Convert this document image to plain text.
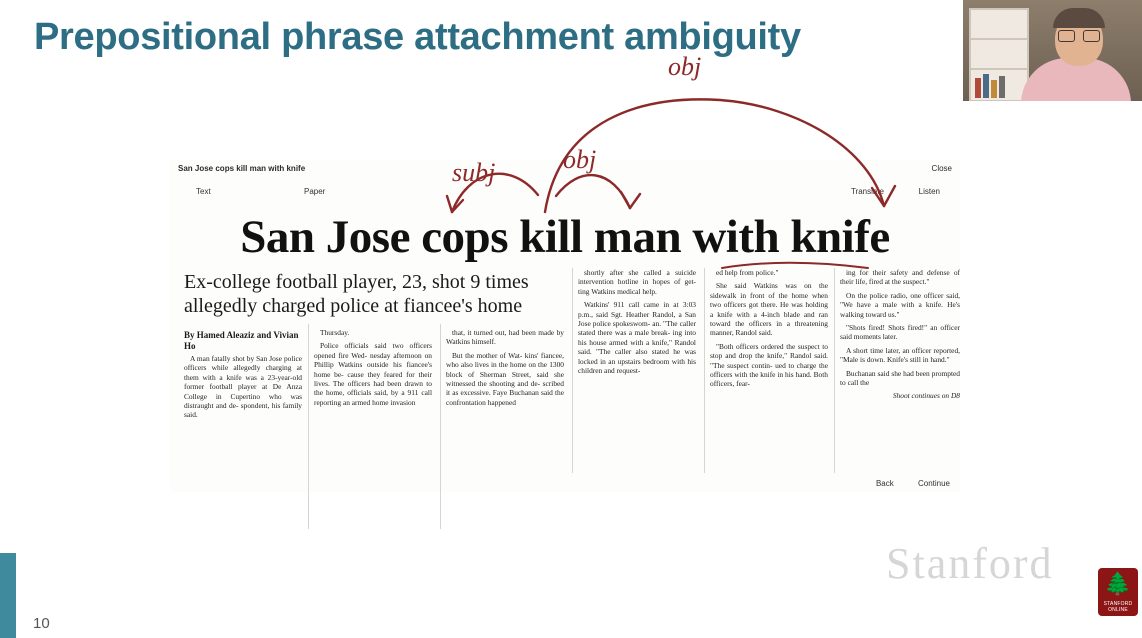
Prepositional phrase attachment ambiguity
10
Stanford 🌲
STANFORD
ONLINE
San Jose cops kill man with knife	Close
Text	Paper	Translate	Listen
San Jose cops kill man with knife
Ex-college football player, 23, shot 9 times allegedly charged police at fiancee's home
By Hamed Aleaziz and Vivian Ho

A man fatally shot by San Jose police officers while allegedly charging at them with a knife was a 23-year-old former football player at De Anza College in Cupertino who was distraught and de- spondent, his family said.

Thursday.

Police officials said two officers opened fire Wed- nesday afternoon on Phillip Watkins outside his fiancee's home be- cause they feared for their lives. The officers had been drawn to the home, officials said, by a 911 call reporting an armed home invasion

that, it turned out, had been made by Watkins himself.

But the mother of Wat- kins' fiancee, who also lives in the home on the 1300 block of Sherman Street, said she witnessed the shooting and de- scribed it as excessive. Faye Buchanan said the confrontation happened

shortly after she called a suicide intervention hotline in hopes of get- ting Watkins medical help.

Watkins' 911 call came in at 3:03 p.m., said Sgt. Heather Randol, a San Jose police spokeswom- an. "The caller stated there was a male break- ing into his house armed with a knife," Randol said. "The caller also stated he was locked in an upstairs bedroom with his children and request-

ed help from police."

She said Watkins was on the sidewalk in front of the home when two officers got there. He was holding a knife with a 4-inch blade and ran toward the officers in a threatening manner, Randol said.

"Both officers ordered the suspect to stop and drop the knife," Randol said. "The suspect contin- ued to charge the officers with the knife in his hand. Both officers, fear-

ing for their safety and defense of their life, fired at the suspect."

On the police radio, one officer said, "We have a male with a knife. He's walking toward us."

"Shots fired! Shots fired!" an officer said moments later.

A short time later, an officer reported, "Male is down. Knife's still in hand."

Buchanan said she had been prompted to call the

Shoot continues on D8

Back	Continue
obj
subj	obj
